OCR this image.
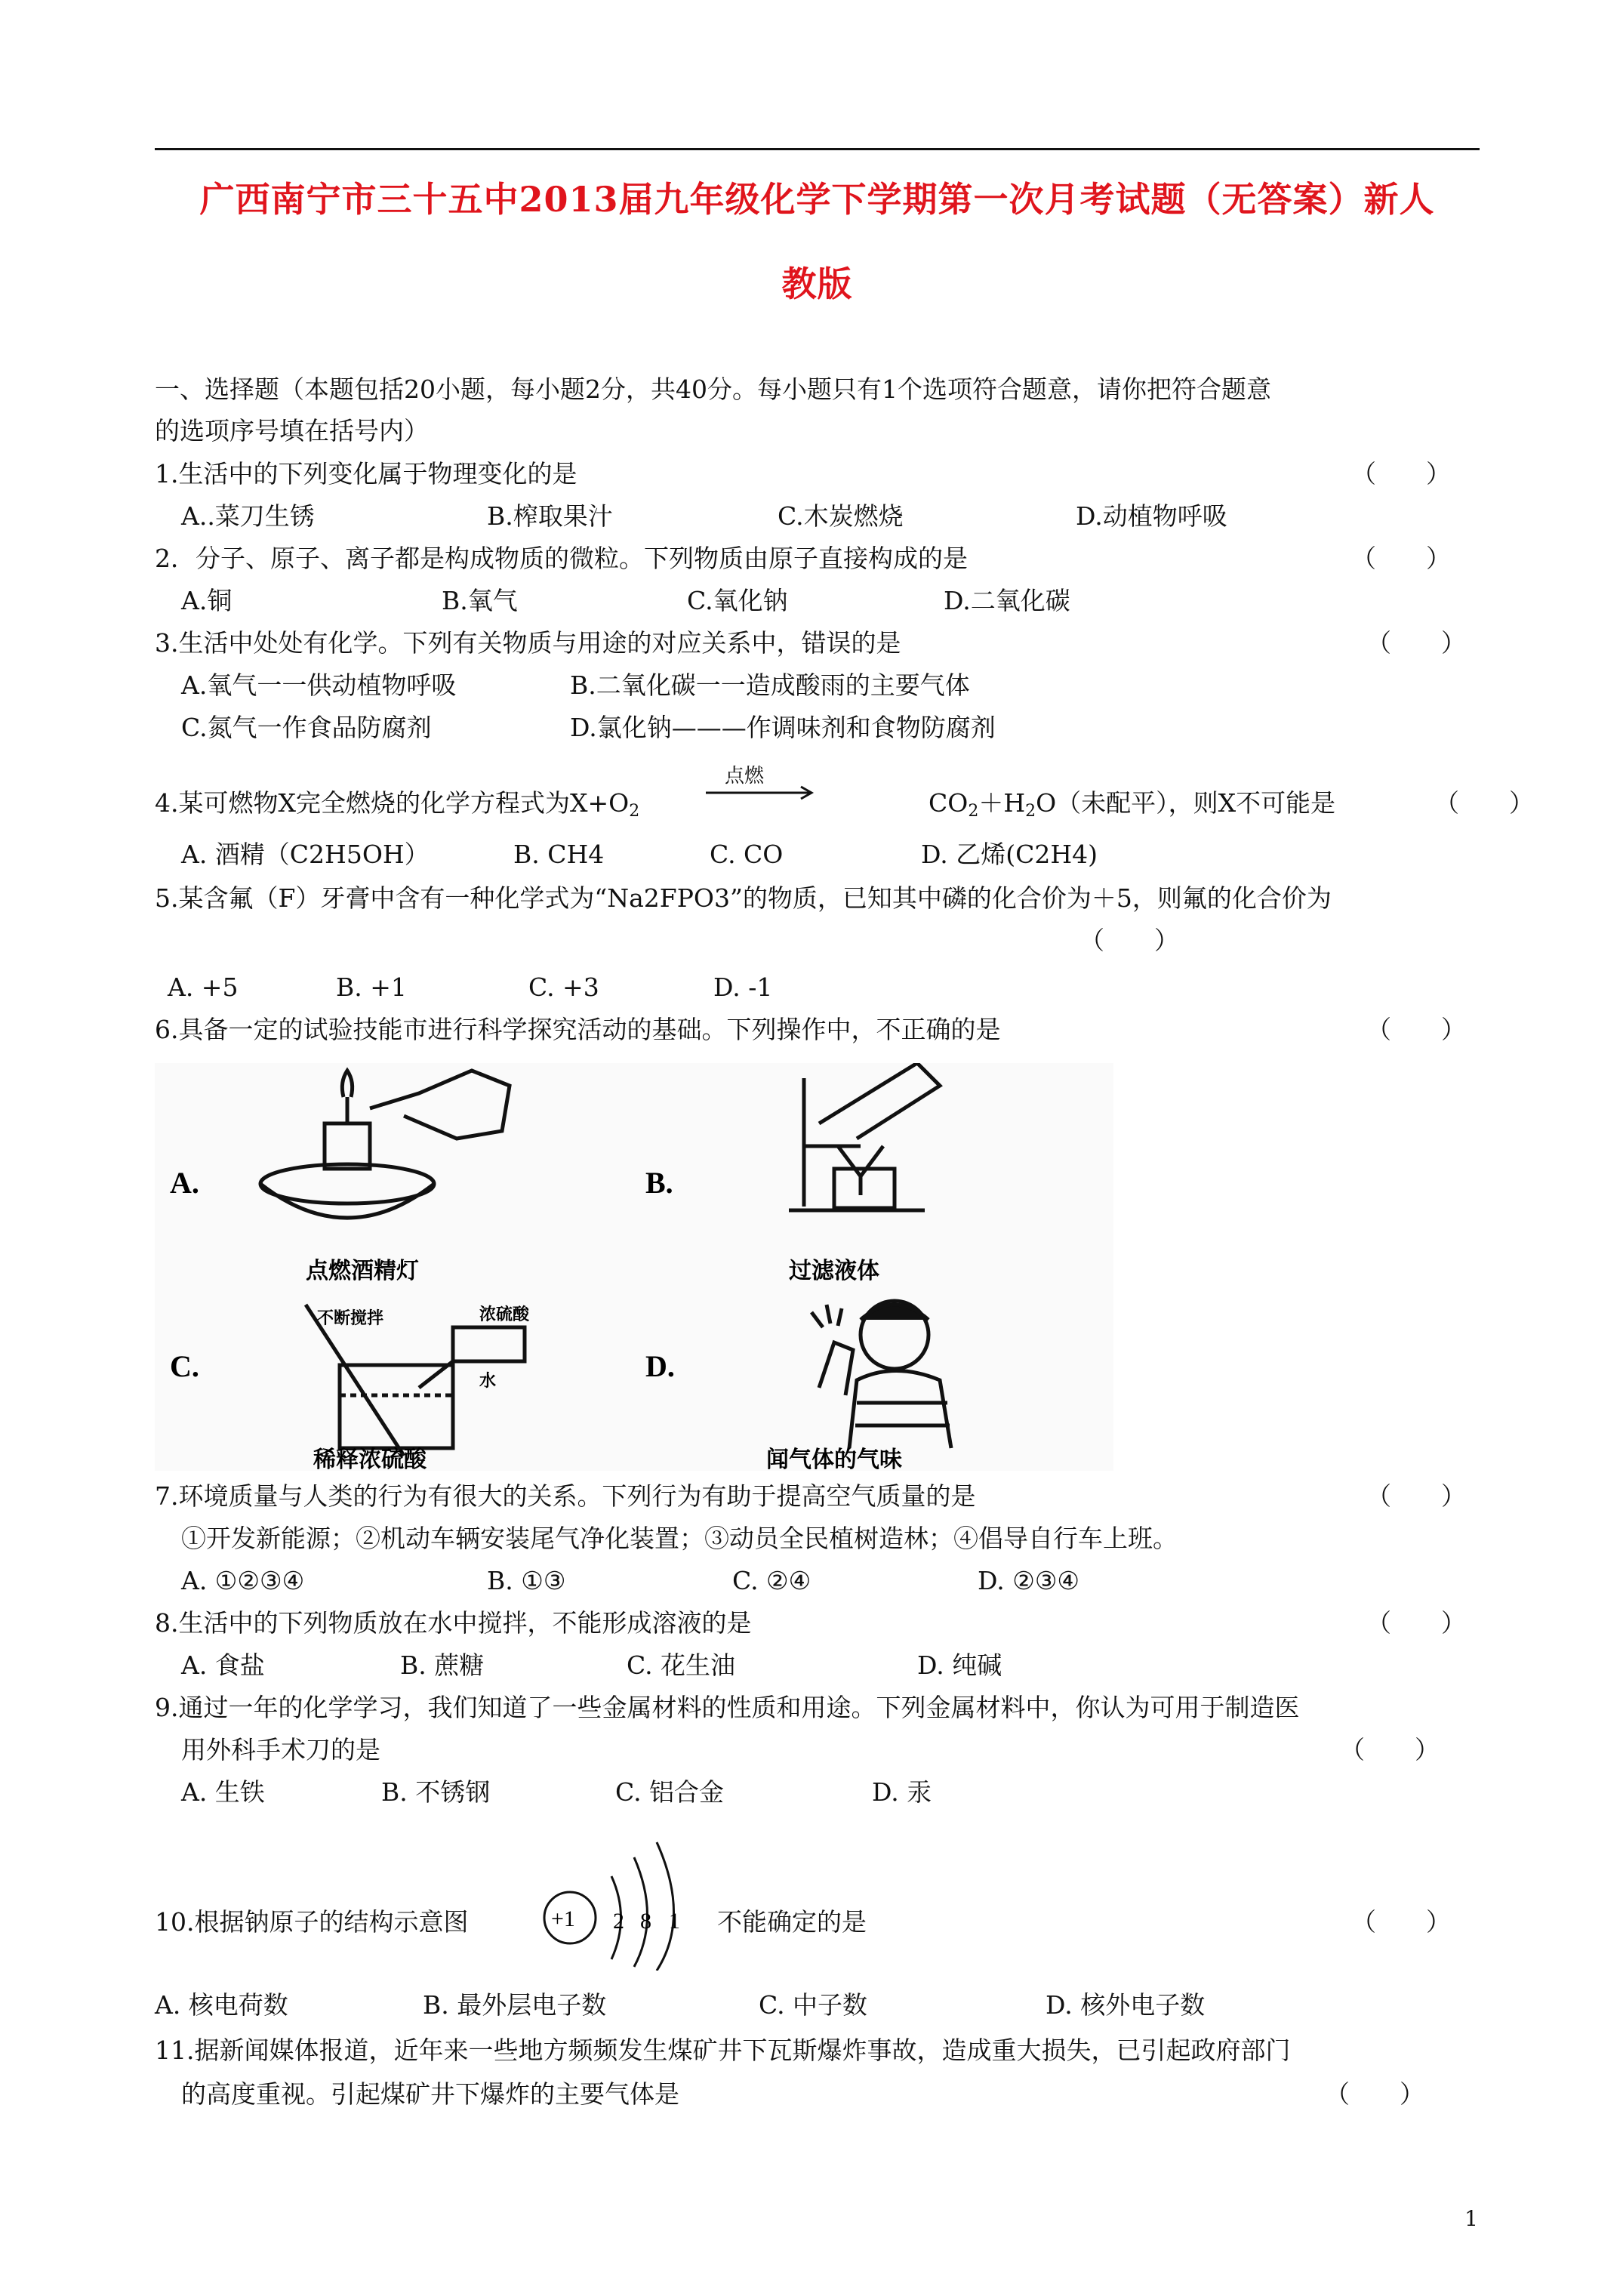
广西南宁市三十五中2013届九年级化学下学期第一次月考试题（无答案）新人
教版
一、选择题（本题包括20小题，每小题2分，共40分。每小题只有1个选项符合题意，请你把符合题意
的选项序号填在括号内）
1.生活中的下列变化属于物理变化的是	（　　）
A..菜刀生锈	B.榨取果汁	C.木炭燃烧	D.动植物呼吸
2．分子、原子、离子都是构成物质的微粒。下列物质由原子直接构成的是	（　　）
A.铜	B.氧气	C.氧化钠	D.二氧化碳
3.生活中处处有化学。下列有关物质与用途的对应关系中，错误的是	（　　）
A.氧气一一供动植物呼吸	B.二氧化碳一一造成酸雨的主要气体
C.氮气一作食品防腐剂	D.氯化钠———作调味剂和食物防腐剂
4.某可燃物X完全燃烧的化学方程式为$X+O_2$
点燃
$CO_2+H_2O$（未配平），则X不可能是	（　　）
A. 酒精（C2H5OH）	B. CH4	C. CO	D. 乙烯(C2H4)
5.某含氟（F）牙膏中含有一种化学式为“Na2FPO3”的物质，已知其中磷的化合价为＋5，则氟的化合价为
（　　）
A. +5	B. +1	C. +3	D. -1
6.具备一定的试验技能市进行科学探究活动的基础。下列操作中，不正确的是	（　　）
A.
点燃酒精灯
B.
过滤液体
C.
不断搅拌	浓硫酸
水
稀释浓硫酸
D.
闻气体的气味
7.环境质量与人类的行为有很大的关系。下列行为有助于提高空气质量的是	（　　）
①开发新能源；②机动车辆安装尾气净化装置；③动员全民植树造林；④倡导自行车上班。
A. ①②③④	B. ①③	C. ②④	D. ②③④
8.生活中的下列物质放在水中搅拌，不能形成溶液的是	（　　）
A. 食盐	B. 蔗糖	C. 花生油	D. 纯碱
9.通过一年的化学学习，我们知道了一些金属材料的性质和用途。下列金属材料中，你认为可用于制造医
用外科手术刀的是	（　　）
A. 生铁	B. 不锈钢	C. 铝合金	D. 汞
10.根据钠原子的结构示意图	+1 2 8 1 不能确定的是	（　　）
A. 核电荷数	B. 最外层电子数	C. 中子数	D. 核外电子数
11.据新闻媒体报道，近年来一些地方频频发生煤矿井下瓦斯爆炸事故，造成重大损失，已引起政府部门
的高度重视。引起煤矿井下爆炸的主要气体是	（　　）
1
